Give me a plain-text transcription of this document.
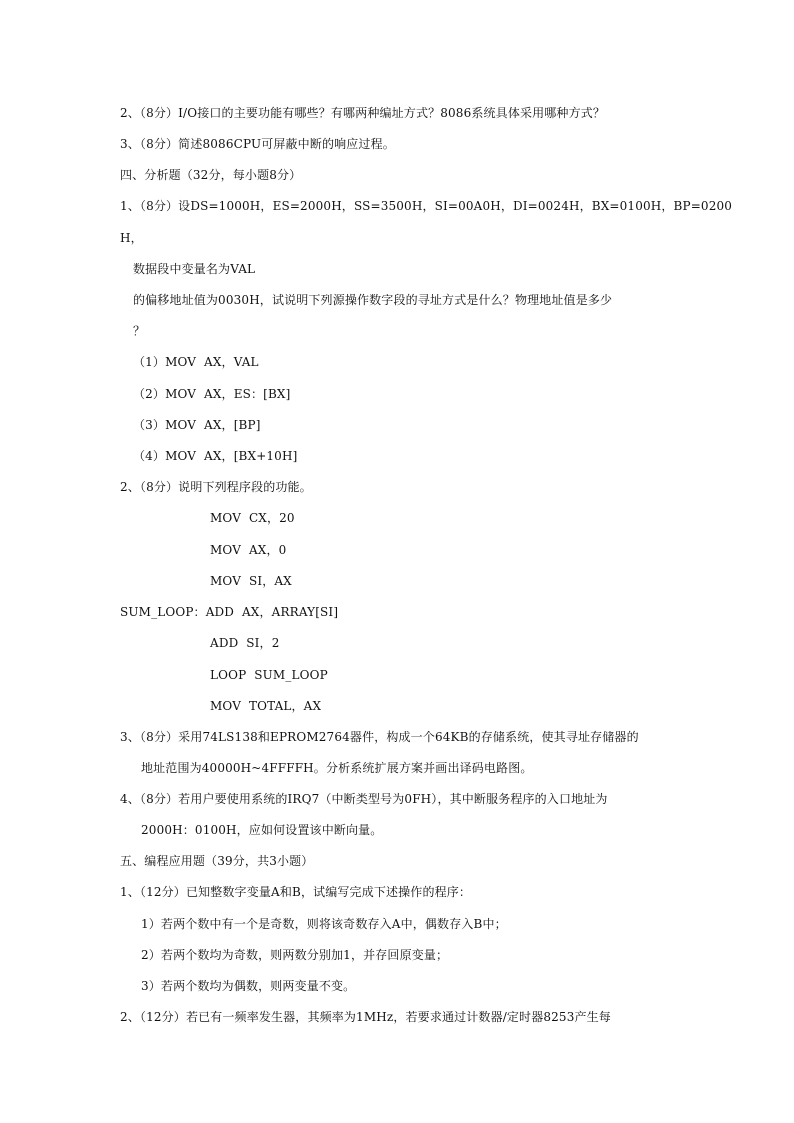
2、（8分）I/O接口的主要功能有哪些？有哪两种编址方式？8086系统具体采用哪种方式？
3、（8分）简述8086CPU可屏蔽中断的响应过程。
四、分析题（32分，每小题8分）
1、（8分）设DS=1000H，ES=2000H，SS=3500H，SI=00A0H，DI=0024H，BX=0100H，BP=0200
H，
数据段中变量名为VAL
的偏移地址值为0030H，试说明下列源操作数字段的寻址方式是什么？物理地址值是多少
？
（1）MOV  AX，VAL
（2）MOV  AX，ES：[BX]
（3）MOV  AX，[BP]
（4）MOV  AX，[BX+10H]
2、（8分）说明下列程序段的功能。
MOV  CX，20
MOV  AX，0
MOV  SI，AX
SUM_LOOP：ADD  AX，ARRAY[SI]
ADD  SI，2
LOOP  SUM_LOOP
MOV  TOTAL，AX
3、（8分）采用74LS138和EPROM2764器件，构成一个64KB的存储系统，使其寻址存储器的
地址范围为40000H~4FFFFH。分析系统扩展方案并画出译码电路图。
4、（8分）若用户要使用系统的IRQ7（中断类型号为0FH），其中断服务程序的入口地址为
2000H：0100H，应如何设置该中断向量。
五、编程应用题（39分，共3小题）
1、（12分）已知整数字变量A和B，试编写完成下述操作的程序：
1）若两个数中有一个是奇数，则将该奇数存入A中，偶数存入B中；
2）若两个数均为奇数，则两数分别加1，并存回原变量；
3）若两个数均为偶数，则两变量不变。
2、（12分）若已有一频率发生器，其频率为1MHz，若要求通过计数器/定时器8253产生每
